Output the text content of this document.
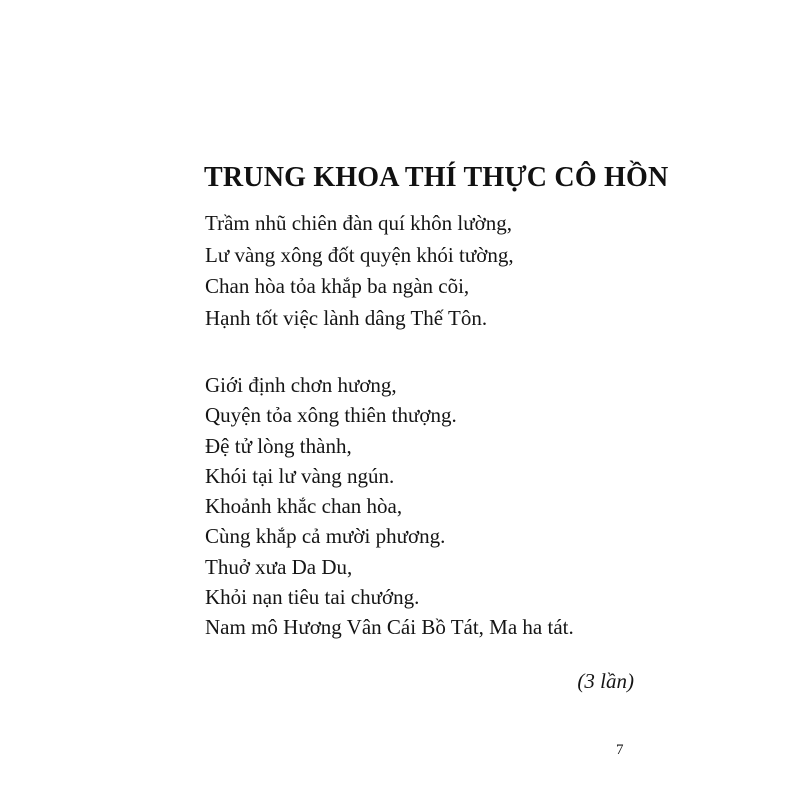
TRUNG KHOA THÍ THỰC CÔ HỒN
Trầm nhũ chiên đàn quí khôn lường,
Lư vàng xông đốt quyện khói tường,
Chan hòa tỏa khắp ba ngàn cõi,
Hạnh tốt việc lành dâng Thế Tôn.
Giới định chơn hương,
Quyện tỏa xông thiên thượng.
Đệ tử lòng thành,
Khói tại lư vàng ngún.
Khoảnh khắc chan hòa,
Cùng khắp cả mười phương.
Thuở xưa Da Du,
Khỏi nạn tiêu tai chướng.
Nam mô Hương Vân Cái Bồ Tát, Ma ha tát.
(3 lần)
7
